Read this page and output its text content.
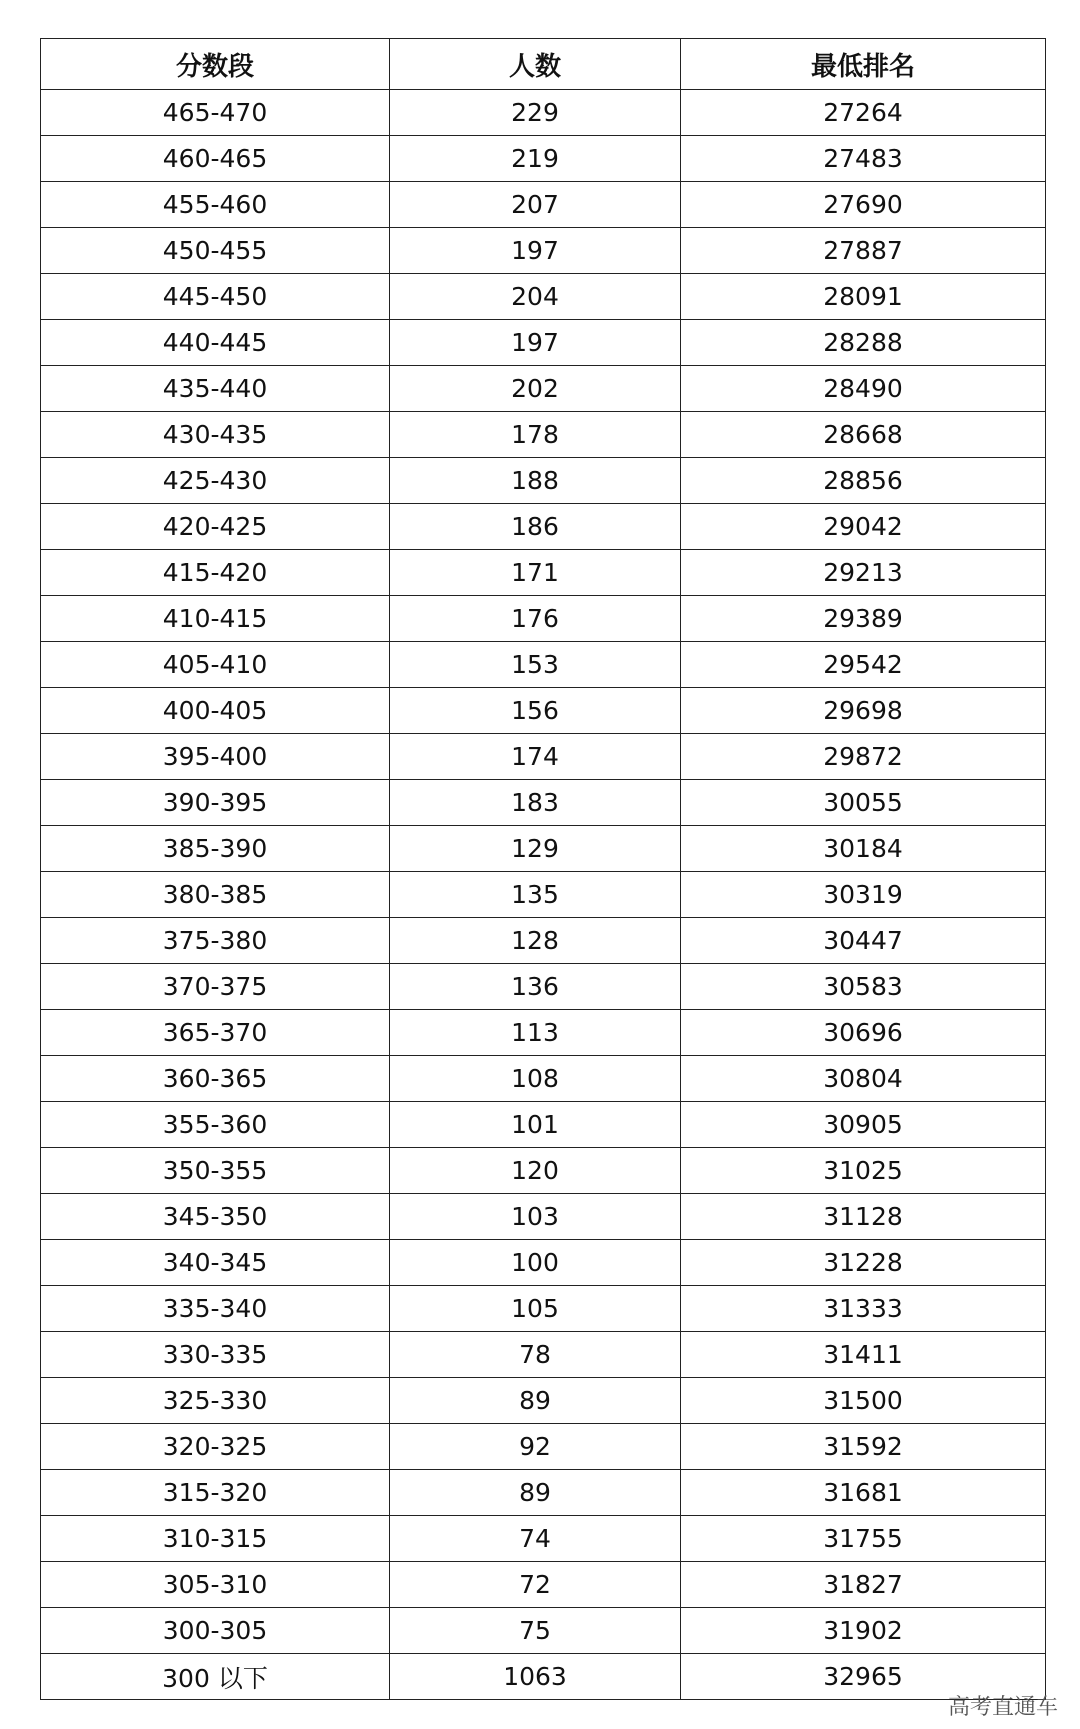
分数段	人数	最低排名
465-470	229	27264
460-465	219	27483
455-460	207	27690
450-455	197	27887
445-450	204	28091
440-445	197	28288
435-440	202	28490
430-435	178	28668
425-430	188	28856
420-425	186	29042
415-420	171	29213
410-415	176	29389
405-410	153	29542
400-405	156	29698
395-400	174	29872
390-395	183	30055
385-390	129	30184
380-385	135	30319
375-380	128	30447
370-375	136	30583
365-370	113	30696
360-365	108	30804
355-360	101	30905
350-355	120	31025
345-350	103	31128
340-345	100	31228
335-340	105	31333
330-335	78	31411
325-330	89	31500
320-325	92	31592
315-320	89	31681
310-315	74	31755
305-310	72	31827
300-305	75	31902
300 以下	1063	32965
高考直通车
